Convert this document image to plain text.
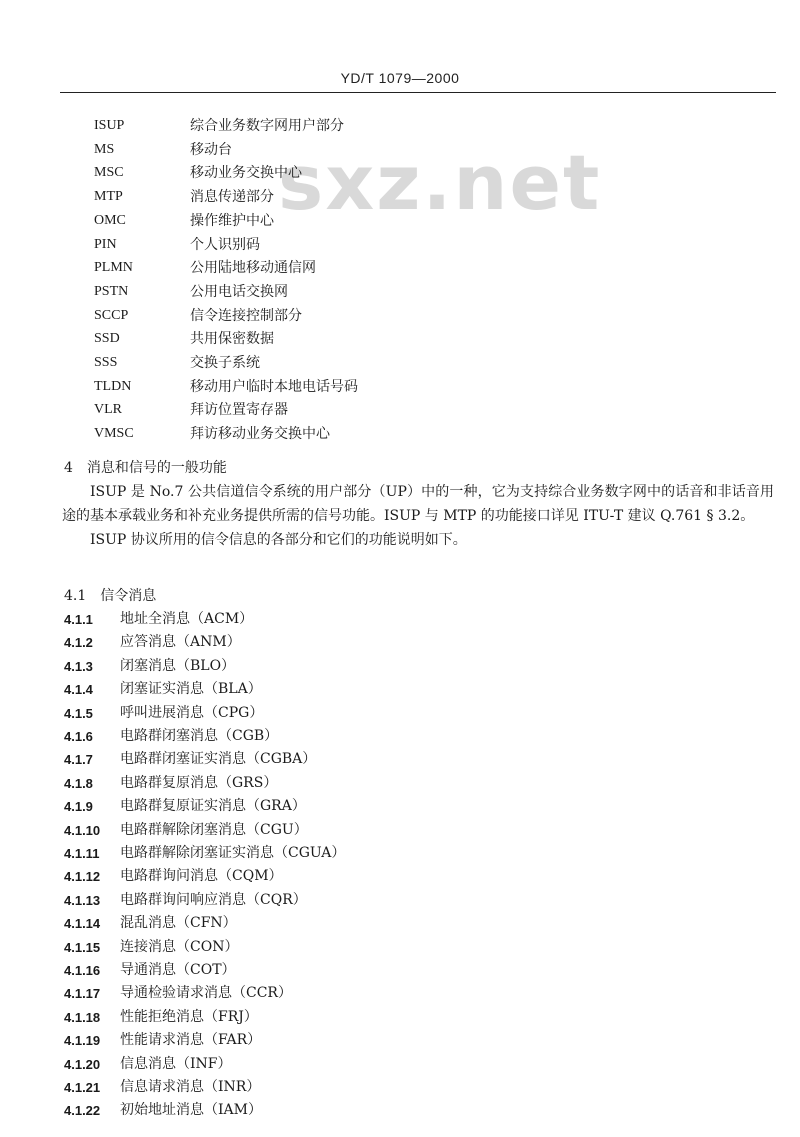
YD/T 1079—2000
sxz.net
ISUP	综合业务数字网用户部分
MS	移动台
MSC	移动业务交换中心
MTP	消息传递部分
OMC	操作维护中心
PIN	个人识别码
PLMN	公用陆地移动通信网
PSTN	公用电话交换网
SCCP	信令连接控制部分
SSD	共用保密数据
SSS	交换子系统
TLDN	移动用户临时本地电话号码
VLR	拜访位置寄存器
VMSC	拜访移动业务交换中心
4　消息和信号的一般功能

ISUP 是 No.7 公共信道信令系统的用户部分（UP）中的一种，它为支持综合业务数字网中的话音和非话音用途的基本承载业务和补充业务提供所需的信号功能。ISUP 与 MTP 的功能接口详见 ITU-T 建议 Q.761 § 3.2。

ISUP 协议所用的信令信息的各部分和它们的功能说明如下。

4.1　信令消息
4.1.1 地址全消息（ACM）
4.1.2 应答消息（ANM）
4.1.3 闭塞消息（BLO）
4.1.4 闭塞证实消息（BLA）
4.1.5 呼叫进展消息（CPG）
4.1.6 电路群闭塞消息（CGB）
4.1.7 电路群闭塞证实消息（CGBA）
4.1.8 电路群复原消息（GRS）
4.1.9 电路群复原证实消息（GRA）
4.1.10 电路群解除闭塞消息（CGU）
4.1.11 电路群解除闭塞证实消息（CGUA）
4.1.12 电路群询问消息（CQM）
4.1.13 电路群询问响应消息（CQR）
4.1.14 混乱消息（CFN）
4.1.15 连接消息（CON）
4.1.16 导通消息（COT）
4.1.17 导通检验请求消息（CCR）
4.1.18 性能拒绝消息（FRJ）
4.1.19 性能请求消息（FAR）
4.1.20 信息消息（INF）
4.1.21 信息请求消息（INR）
4.1.22 初始地址消息（IAM）
